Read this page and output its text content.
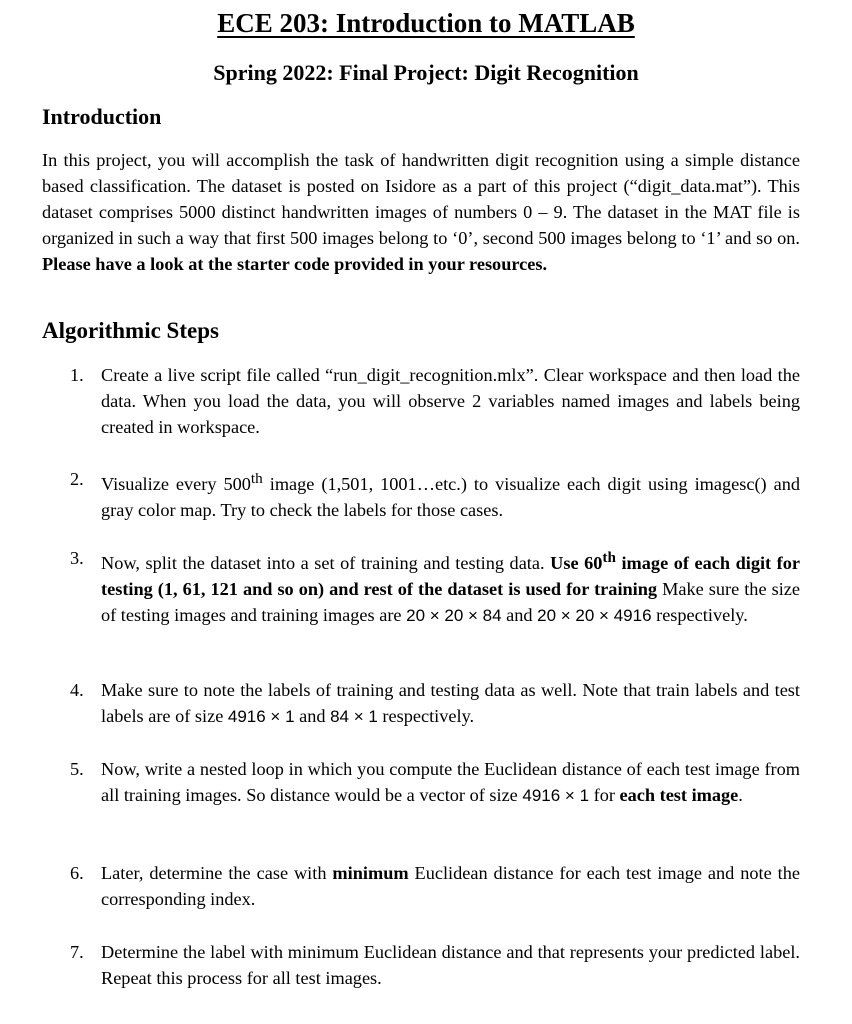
ECE 203: Introduction to MATLAB
Spring 2022: Final Project: Digit Recognition
Introduction
In this project, you will accomplish the task of handwritten digit recognition using a simple distance based classification. The dataset is posted on Isidore as a part of this project (“digit_data.mat”). This dataset comprises 5000 distinct handwritten images of numbers 0 – 9. The dataset in the MAT file is organized in such a way that first 500 images belong to ‘0’, second 500 images belong to ‘1’ and so on. Please have a look at the starter code provided in your resources.
Algorithmic Steps
1. Create a live script file called “run_digit_recognition.mlx”. Clear workspace and then load the data. When you load the data, you will observe 2 variables named images and labels being created in workspace.
2. Visualize every 500th image (1,501, 1001…etc.) to visualize each digit using imagesc() and gray color map. Try to check the labels for those cases.
3. Now, split the dataset into a set of training and testing data. Use 60th image of each digit for testing (1, 61, 121 and so on) and rest of the dataset is used for training Make sure the size of testing images and training images are 20 × 20 × 84 and 20 × 20 × 4916 respectively.
4. Make sure to note the labels of training and testing data as well. Note that train labels and test labels are of size 4916 × 1 and 84 × 1 respectively.
5. Now, write a nested loop in which you compute the Euclidean distance of each test image from all training images. So distance would be a vector of size 4916 × 1 for each test image.
6. Later, determine the case with minimum Euclidean distance for each test image and note the corresponding index.
7. Determine the label with minimum Euclidean distance and that represents your predicted label. Repeat this process for all test images.
